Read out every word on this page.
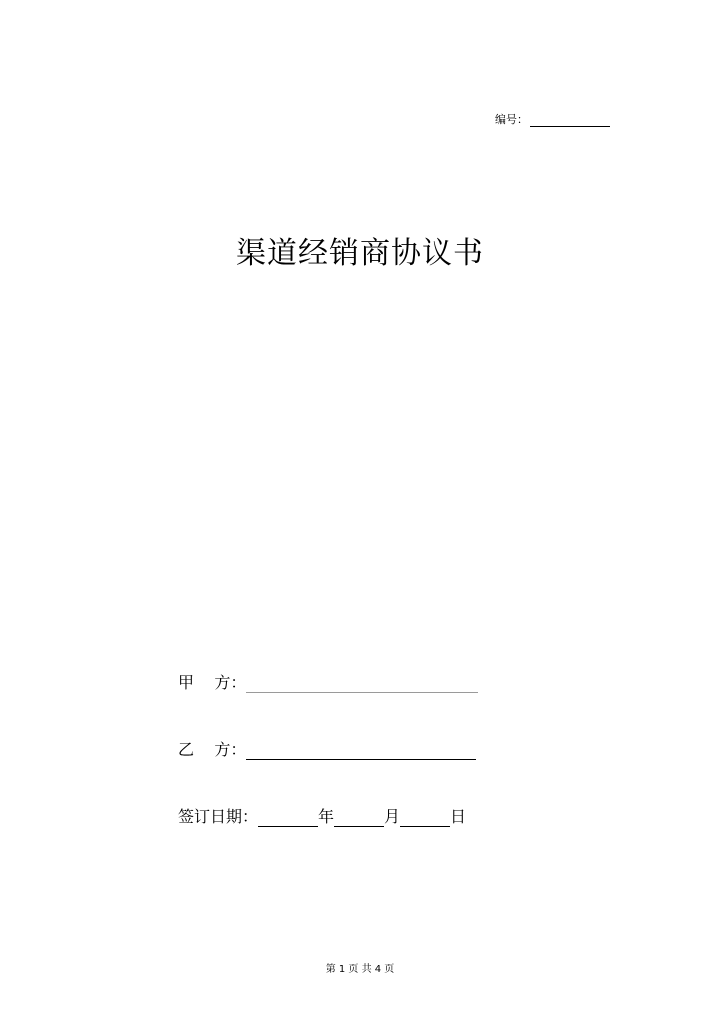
编号：
渠道经销商协议书
甲    方：
乙    方：
签订日期：	年	月	日
第 1 页 共 4 页
